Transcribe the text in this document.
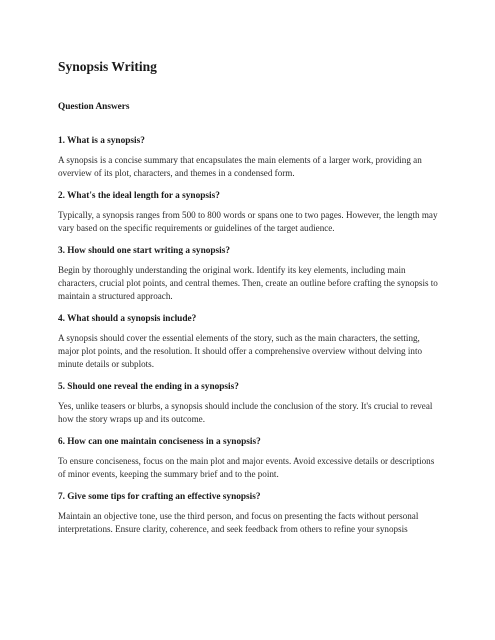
Synopsis Writing
Question Answers

1. What is a synopsis?

A synopsis is a concise summary that encapsulates the main elements of a larger work, providing an overview of its plot, characters, and themes in a condensed form.

2. What's the ideal length for a synopsis?

Typically, a synopsis ranges from 500 to 800 words or spans one to two pages. However, the length may vary based on the specific requirements or guidelines of the target audience.

3. How should one start writing a synopsis?

Begin by thoroughly understanding the original work. Identify its key elements, including main characters, crucial plot points, and central themes. Then, create an outline before crafting the synopsis to maintain a structured approach.

4. What should a synopsis include?

A synopsis should cover the essential elements of the story, such as the main characters, the setting, major plot points, and the resolution. It should offer a comprehensive overview without delving into minute details or subplots.

5. Should one reveal the ending in a synopsis?

Yes, unlike teasers or blurbs, a synopsis should include the conclusion of the story. It's crucial to reveal how the story wraps up and its outcome.

6. How can one maintain conciseness in a synopsis?

To ensure conciseness, focus on the main plot and major events. Avoid excessive details or descriptions of minor events, keeping the summary brief and to the point.

7. Give some tips for crafting an effective synopsis?

Maintain an objective tone, use the third person, and focus on presenting the facts without personal interpretations. Ensure clarity, coherence, and seek feedback from others to refine your synopsis
